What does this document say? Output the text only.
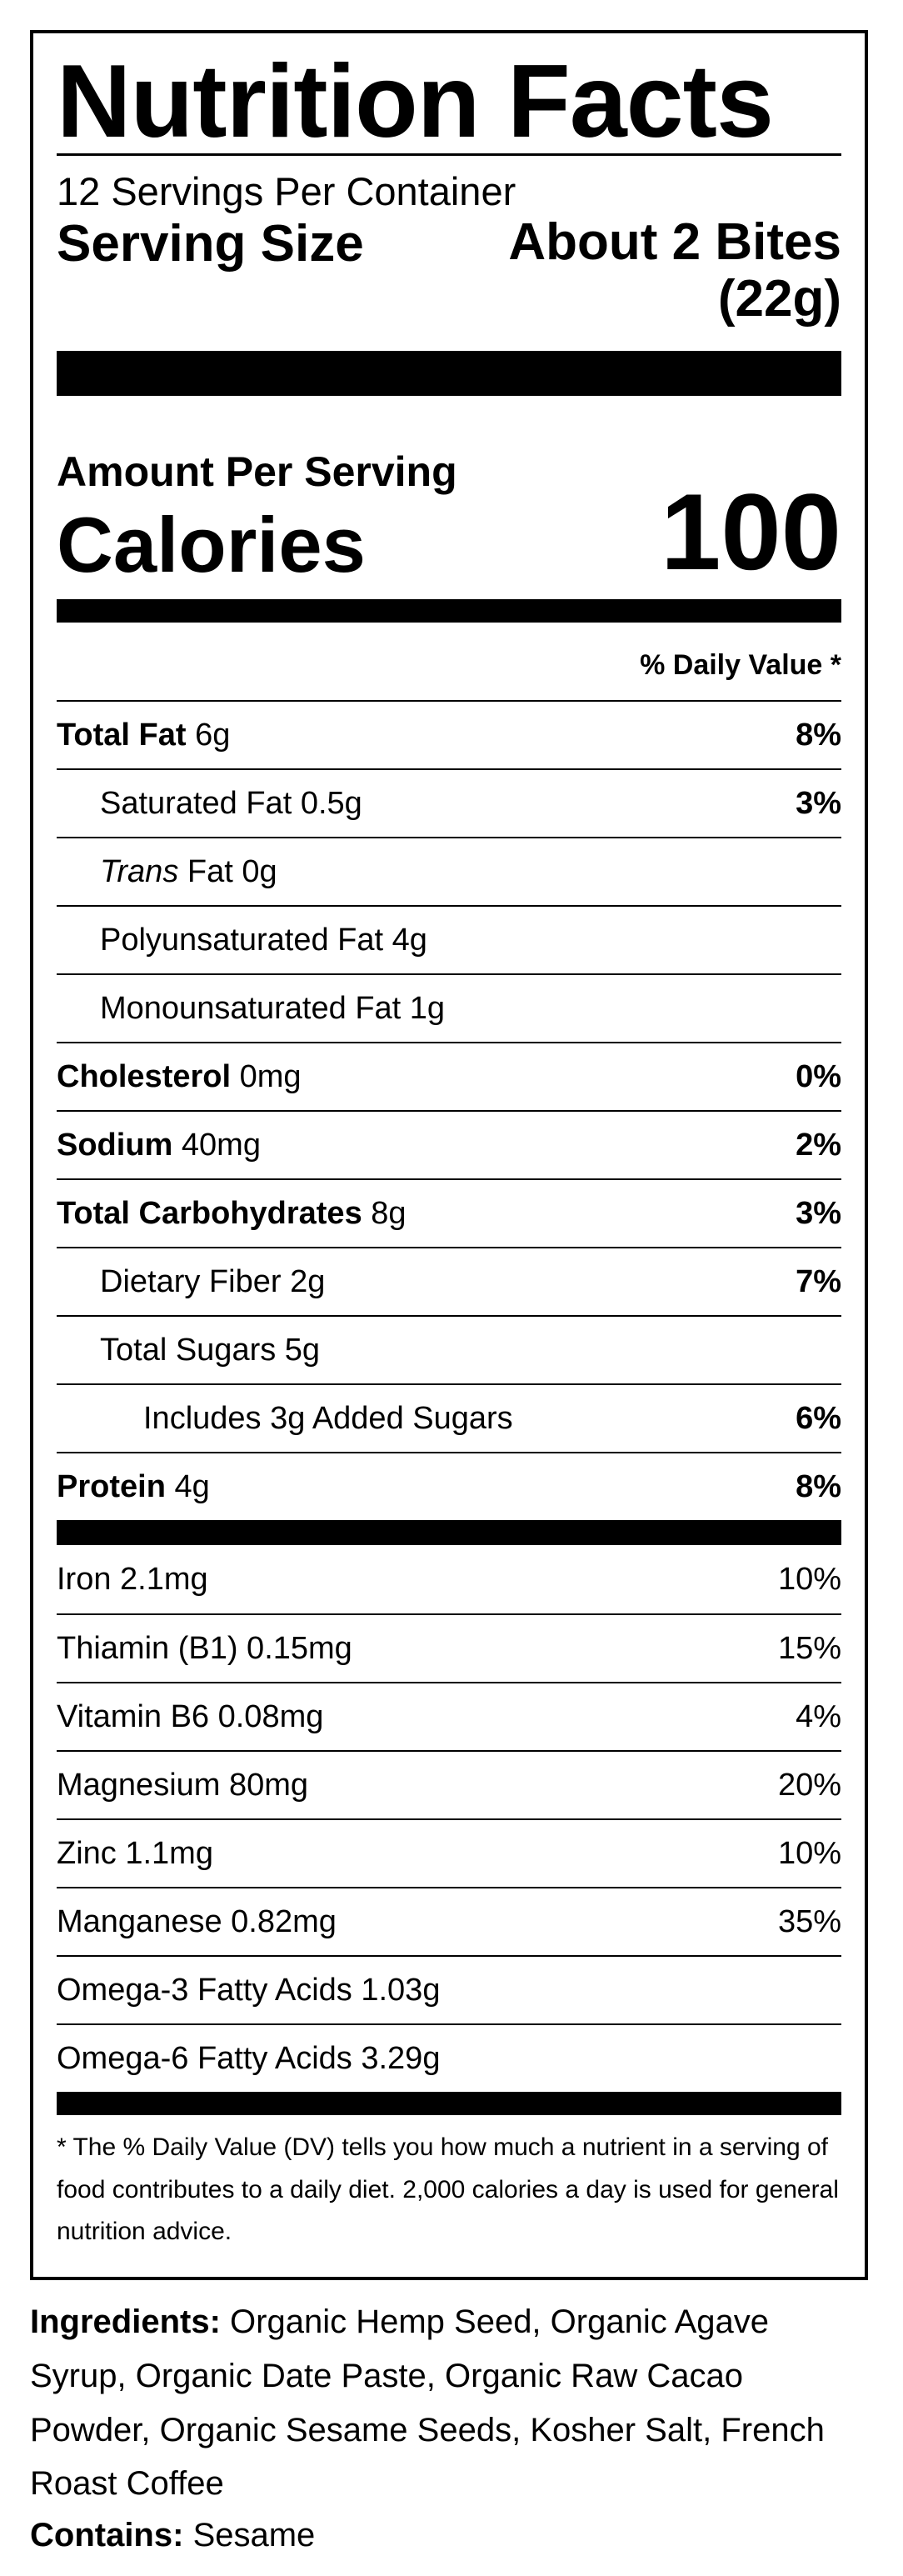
Nutrition Facts
12 Servings Per Container
Serving Size	About 2 Bites (22g)
Amount Per Serving
Calories	100
% Daily Value *
Total Fat 6g	8%
Saturated Fat 0.5g	3%
Trans Fat 0g
Polyunsaturated Fat 4g
Monounsaturated Fat 1g
Cholesterol 0mg	0%
Sodium 40mg	2%
Total Carbohydrates 8g	3%
Dietary Fiber 2g	7%
Total Sugars 5g
Includes 3g Added Sugars	6%
Protein 4g	8%
Iron 2.1mg	10%
Thiamin (B1) 0.15mg	15%
Vitamin B6 0.08mg	4%
Magnesium 80mg	20%
Zinc 1.1mg	10%
Manganese 0.82mg	35%
Omega-3 Fatty Acids 1.03g
Omega-6 Fatty Acids 3.29g
* The % Daily Value (DV) tells you how much a nutrient in a serving of food contributes to a daily diet. 2,000 calories a day is used for general nutrition advice.
Ingredients: Organic Hemp Seed, Organic Agave Syrup, Organic Date Paste, Organic Raw Cacao Powder, Organic Sesame Seeds, Kosher Salt, French Roast Coffee
Contains: Sesame
